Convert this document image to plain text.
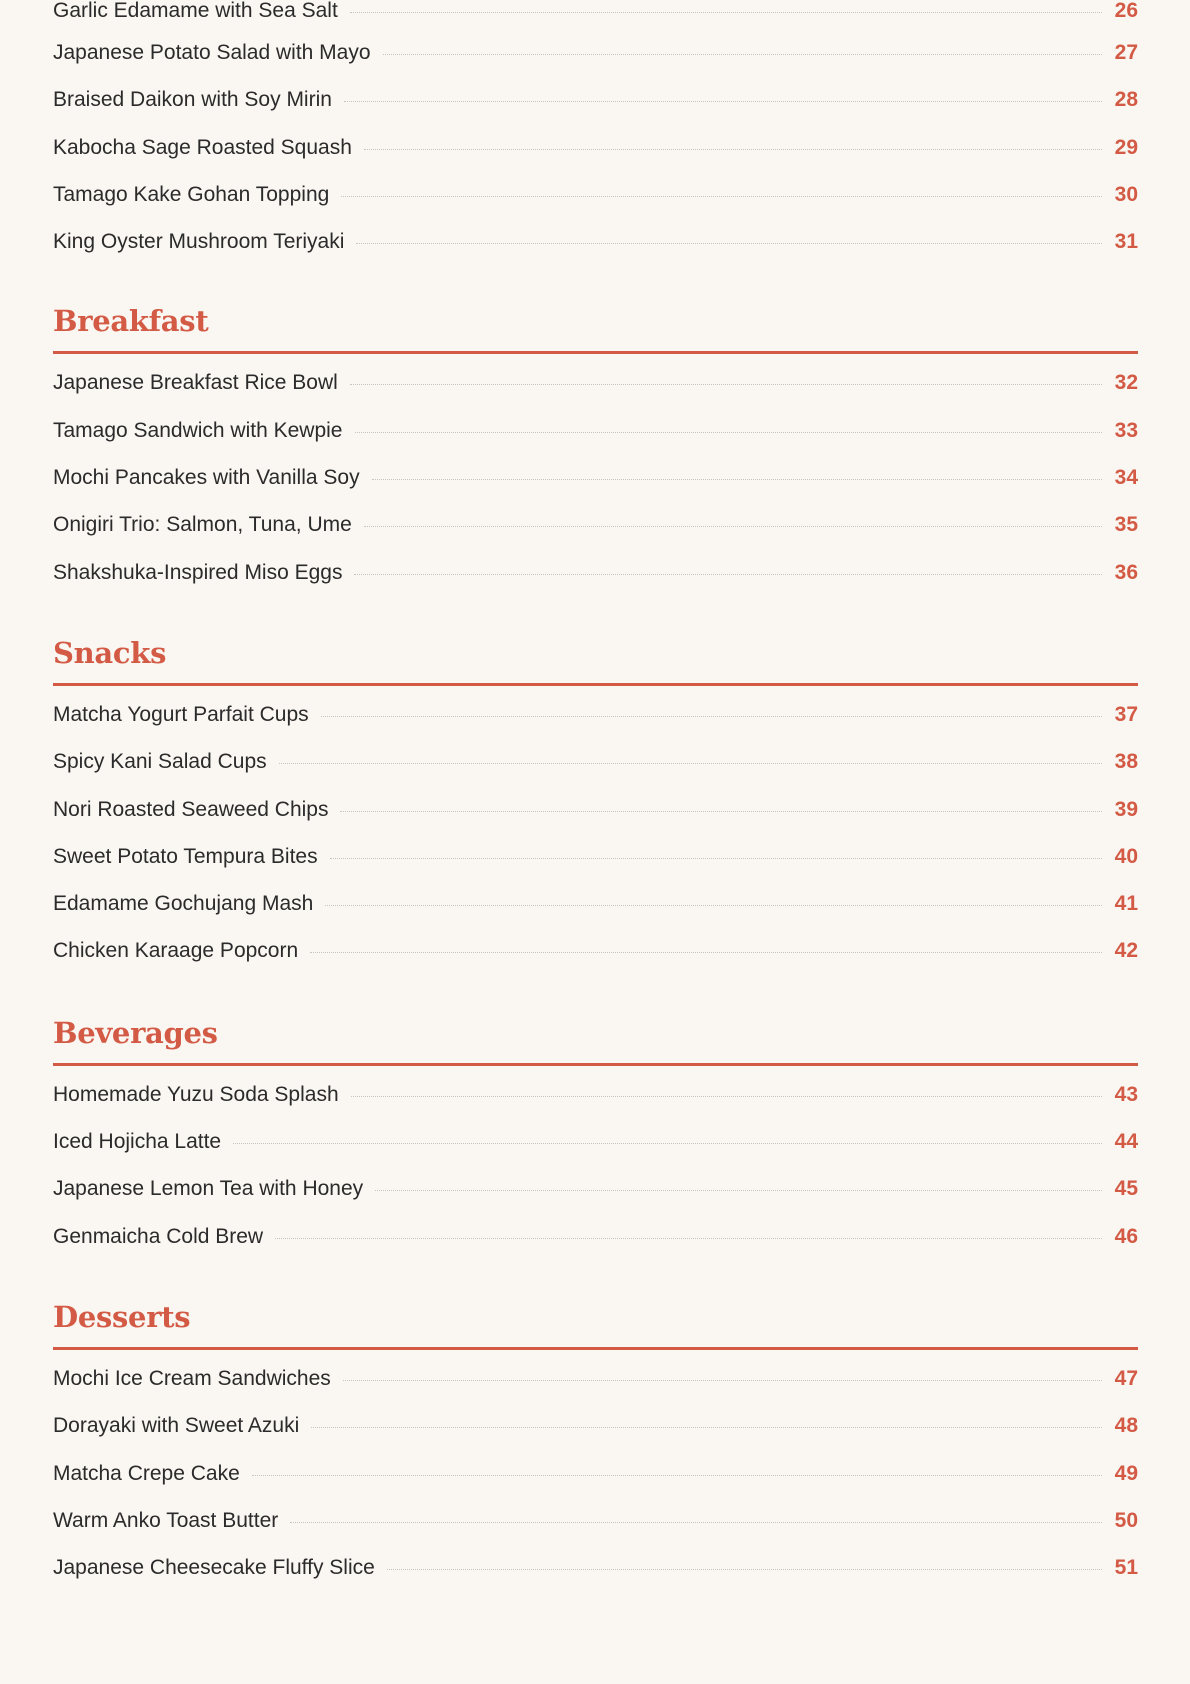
Garlic Edamame with Sea Salt	26
Japanese Potato Salad with Mayo	27
Braised Daikon with Soy Mirin	28
Kabocha Sage Roasted Squash	29
Tamago Kake Gohan Topping	30
King Oyster Mushroom Teriyaki	31
Breakfast
Japanese Breakfast Rice Bowl	32
Tamago Sandwich with Kewpie	33
Mochi Pancakes with Vanilla Soy	34
Onigiri Trio: Salmon, Tuna, Ume	35
Shakshuka-Inspired Miso Eggs	36
Snacks
Matcha Yogurt Parfait Cups	37
Spicy Kani Salad Cups	38
Nori Roasted Seaweed Chips	39
Sweet Potato Tempura Bites	40
Edamame Gochujang Mash	41
Chicken Karaage Popcorn	42
Beverages
Homemade Yuzu Soda Splash	43
Iced Hojicha Latte	44
Japanese Lemon Tea with Honey	45
Genmaicha Cold Brew	46
Desserts
Mochi Ice Cream Sandwiches	47
Dorayaki with Sweet Azuki	48
Matcha Crepe Cake	49
Warm Anko Toast Butter	50
Japanese Cheesecake Fluffy Slice	51
